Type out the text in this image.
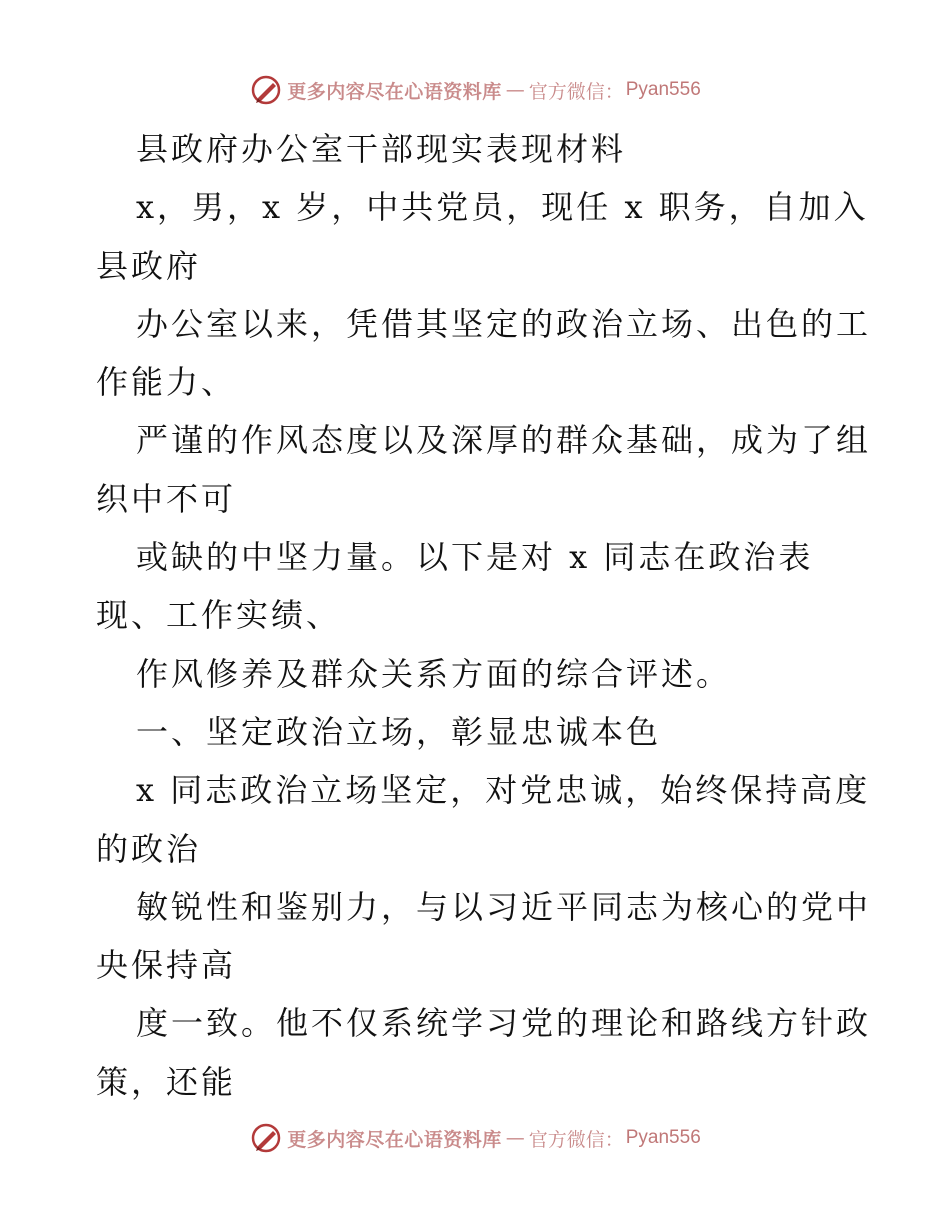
更多内容尽在心语资料库 — 官方微信： Pyan556
县政府办公室干部现实表现材料
x，男，x 岁，中共党员，现任 x 职务，自加入
县政府
办公室以来，凭借其坚定的政治立场、出色的工
作能力、
严谨的作风态度以及深厚的群众基础，成为了组
织中不可
或缺的中坚力量。以下是对 x 同志在政治表
现、工作实绩、
作风修养及群众关系方面的综合评述。
一、坚定政治立场，彰显忠诚本色
x 同志政治立场坚定，对党忠诚，始终保持高度
的政治
敏锐性和鉴别力，与以习近平同志为核心的党中
央保持高
度一致。他不仅系统学习党的理论和路线方针政
策，还能
更多内容尽在心语资料库 — 官方微信： Pyan556
